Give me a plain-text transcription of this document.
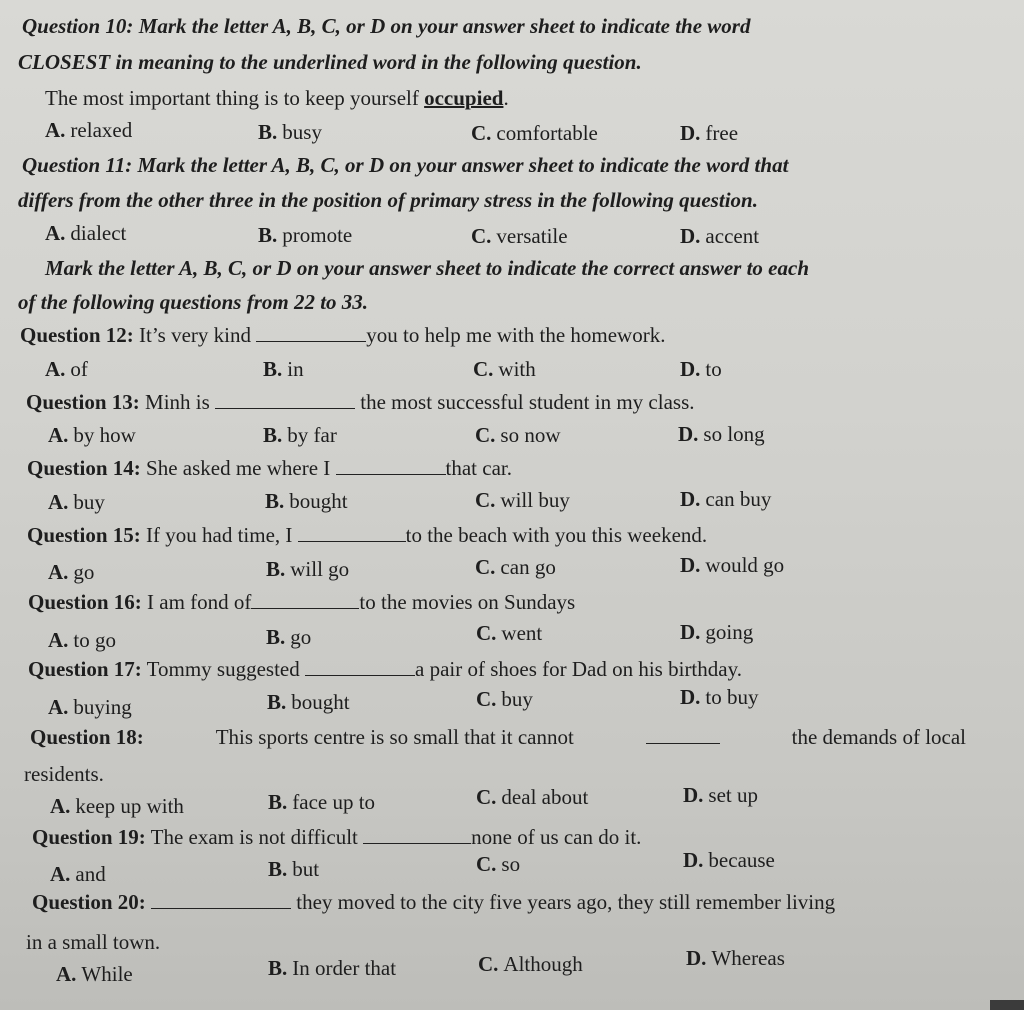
Question 10: Mark the letter A, B, C, or D on your answer sheet to indicate the word
CLOSEST in meaning to the underlined word in the following question.
The most important thing is to keep yourself occupied.
A. relaxed	B. busy	C. comfortable	D. free
Question 11: Mark the letter A, B, C, or D on your answer sheet to indicate the word that
differs from the other three in the position of primary stress in the following question.
A. dialect	B. promote	C. versatile	D. accent
Mark the letter A, B, C, or D on your answer sheet to indicate the correct answer to each
of the following questions from 22 to 33.
Question 12: It’s very kind	you to help me with the homework.
A. of	B. in	C. with	D. to
Question 13: Minh is	the most successful student in my class.
A. by how	B. by far	C. so now	D. so long
Question 14: She asked me where I	that car.
A. buy	B. bought	C. will buy	D. can buy
Question 15: If you had time, I	to the beach with you this weekend.
A. go	B. will go	C. can go	D. would go
Question 16: I am fond of	to the movies on Sundays
A. to go	B. go	C. went	D. going
Question 17: Tommy suggested	a pair of shoes for Dad on his birthday.
A. buying	B. bought	C. buy	D. to buy
Question 18:	This sports centre is so small that it cannot	the demands of local
residents.
A. keep up with	B. face up to	C. deal about	D. set up
Question 19: The exam is not difficult	none of us can do it.
A. and	B. but	C. so	D. because
Question 20:	they moved to the city five years ago, they still remember living
in a small town.
A. While	B. In order that	C. Although	D. Whereas
